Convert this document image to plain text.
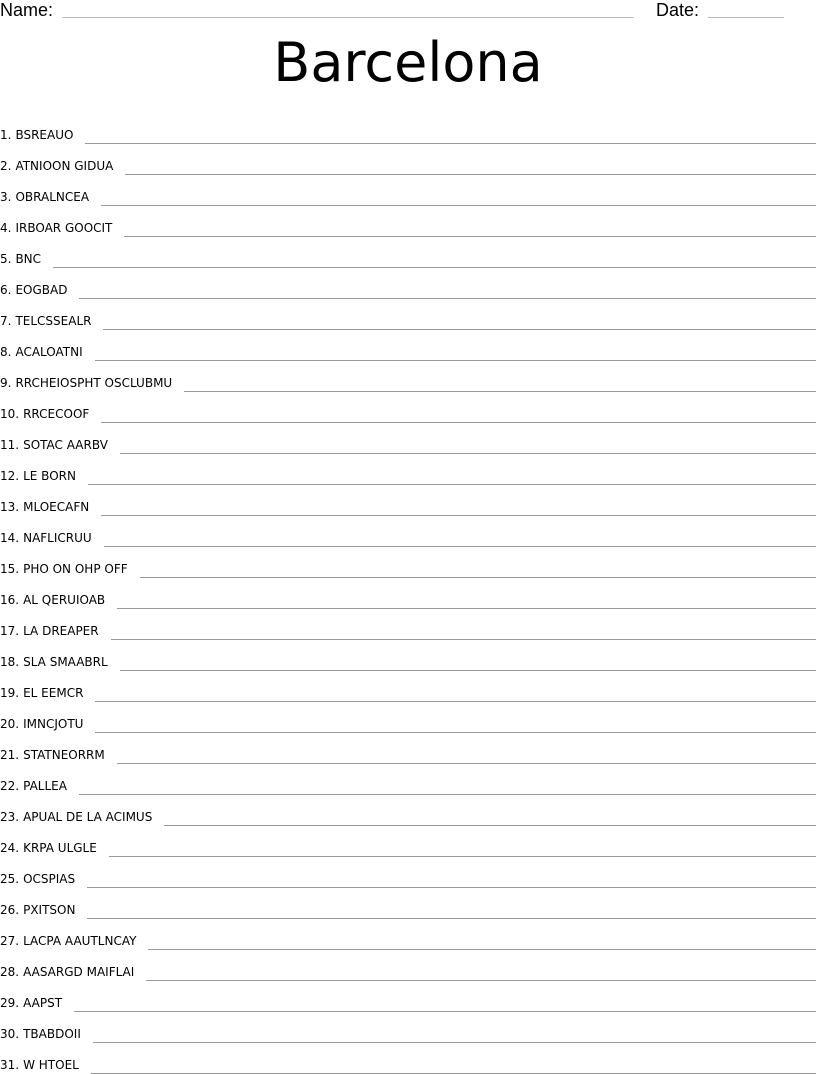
Name:	Date:
Barcelona
1. BSREAUO
2. ATNIOON GIDUA
3. OBRALNCEA
4. IRBOAR GOOCIT
5. BNC
6. EOGBAD
7. TELCSSEALR
8. ACALOATNI
9. RRCHEIOSPHT OSCLUBMU
10. RRCECOOF
11. SOTAC AARBV
12. LE BORN
13. MLOECAFN
14. NAFLICRUU
15. PHO ON OHP OFF
16. AL QERUIOAB
17. LA DREAPER
18. SLA SMAABRL
19. EL EEMCR
20. IMNCJOTU
21. STATNEORRM
22. PALLEA
23. APUAL DE LA ACIMUS
24. KRPA ULGLE
25. OCSPIAS
26. PXITSON
27. LACPA AAUTLNCAY
28. AASARGD MAIFLAI
29. AAPST
30. TBABDOII
31. W HTOEL
